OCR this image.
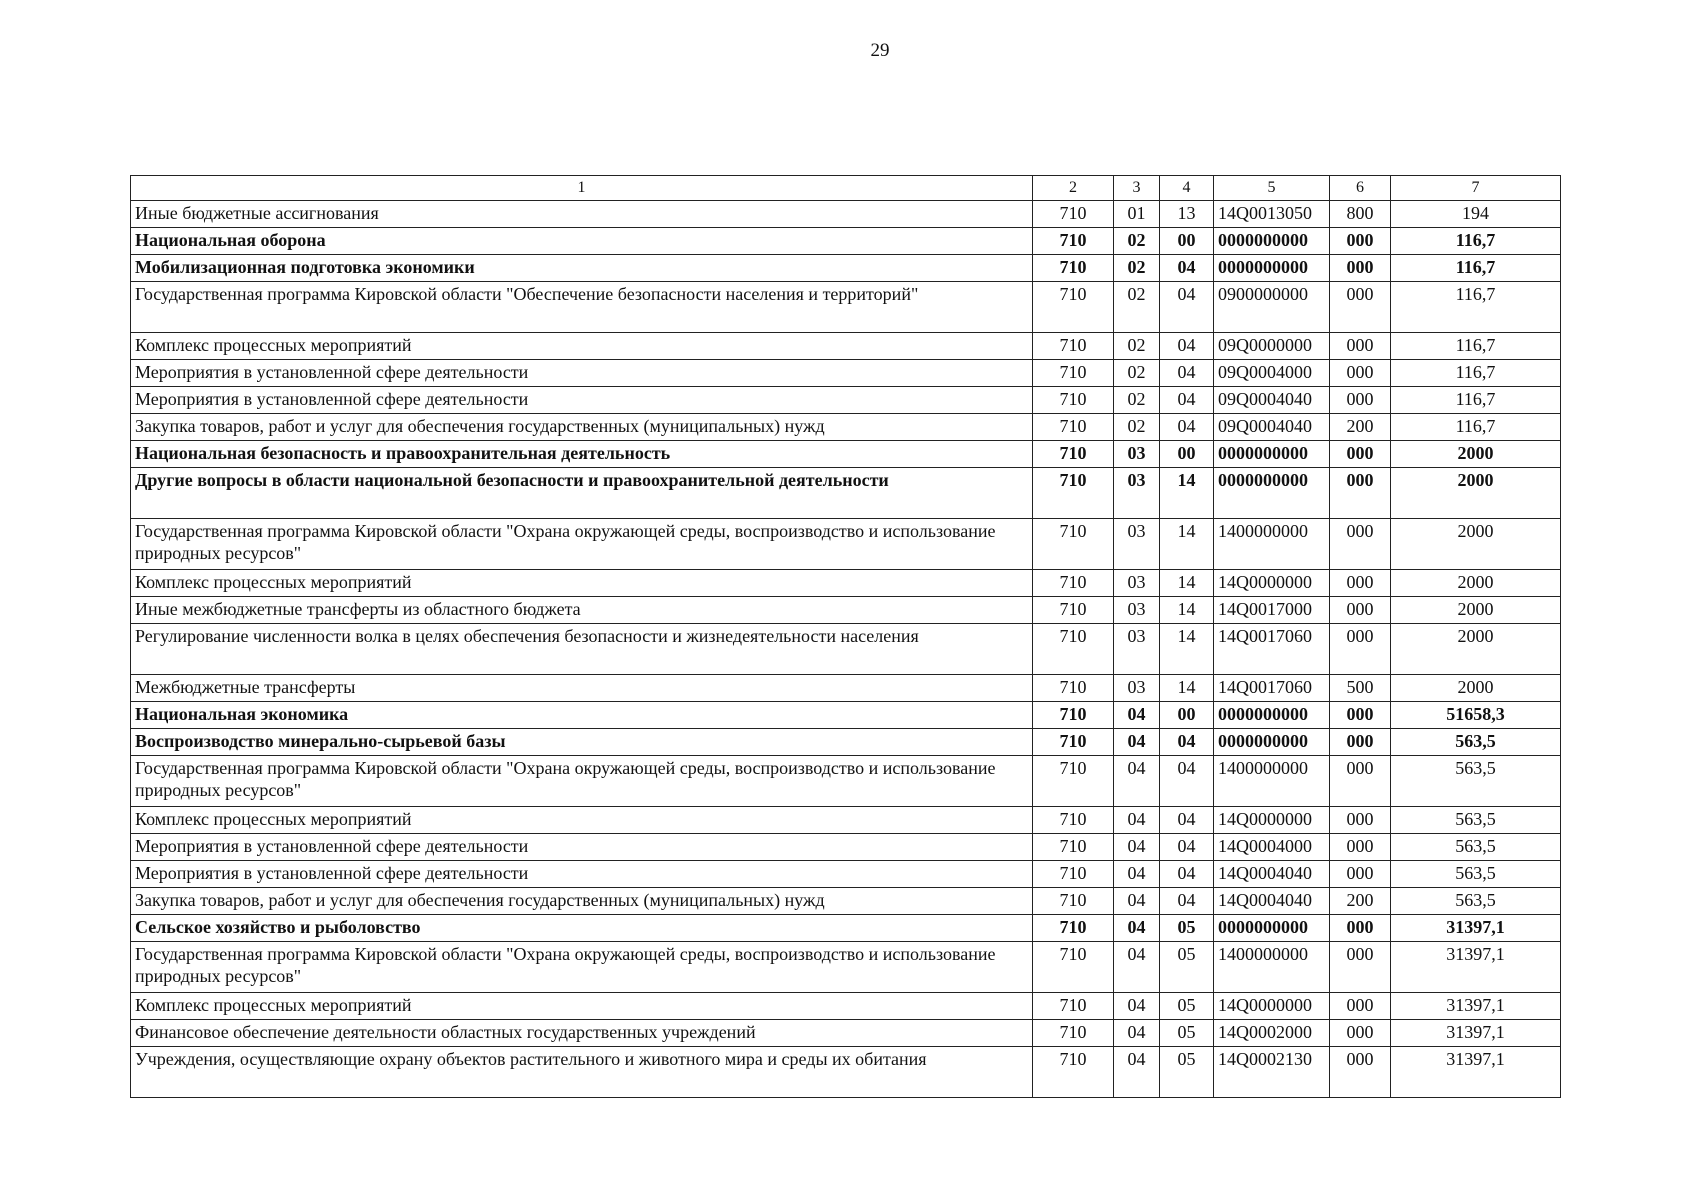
29
1	2	3	4	5	6	7
Иные бюджетные ассигнования	710	01	13	14Q0013050	800	194
Национальная оборона	710	02	00	0000000000	000	116,7
Мобилизационная подготовка экономики	710	02	04	0000000000	000	116,7
Государственная программа Кировской области "Обеспечение безопасности населения и территорий"	710	02	04	0900000000	000	116,7
Комплекс процессных мероприятий	710	02	04	09Q0000000	000	116,7
Мероприятия в установленной сфере деятельности	710	02	04	09Q0004000	000	116,7
Мероприятия в установленной сфере деятельности	710	02	04	09Q0004040	000	116,7
Закупка товаров, работ и услуг для обеспечения государственных (муниципальных) нужд	710	02	04	09Q0004040	200	116,7
Национальная безопасность и правоохранительная деятельность	710	03	00	0000000000	000	2000
Другие вопросы в области национальной безопасности и правоохранительной деятельности	710	03	14	0000000000	000	2000
Государственная программа Кировской области "Охрана окружающей среды, воспроизводство и использование природных ресурсов"	710	03	14	1400000000	000	2000
Комплекс процессных мероприятий	710	03	14	14Q0000000	000	2000
Иные межбюджетные трансферты из областного бюджета	710	03	14	14Q0017000	000	2000
Регулирование численности волка в целях обеспечения безопасности и жизнедеятельности населения	710	03	14	14Q0017060	000	2000
Межбюджетные трансферты	710	03	14	14Q0017060	500	2000
Национальная экономика	710	04	00	0000000000	000	51658,3
Воспроизводство минерально-сырьевой базы	710	04	04	0000000000	000	563,5
Государственная программа Кировской области "Охрана окружающей среды, воспроизводство и использование природных ресурсов"	710	04	04	1400000000	000	563,5
Комплекс процессных мероприятий	710	04	04	14Q0000000	000	563,5
Мероприятия в установленной сфере деятельности	710	04	04	14Q0004000	000	563,5
Мероприятия в установленной сфере деятельности	710	04	04	14Q0004040	000	563,5
Закупка товаров, работ и услуг для обеспечения государственных (муниципальных) нужд	710	04	04	14Q0004040	200	563,5
Сельское хозяйство и рыболовство	710	04	05	0000000000	000	31397,1
Государственная программа Кировской области "Охрана окружающей среды, воспроизводство и использование природных ресурсов"	710	04	05	1400000000	000	31397,1
Комплекс процессных мероприятий	710	04	05	14Q0000000	000	31397,1
Финансовое обеспечение деятельности областных государственных учреждений	710	04	05	14Q0002000	000	31397,1
Учреждения, осуществляющие охрану объектов растительного и животного мира и среды их обитания	710	04	05	14Q0002130	000	31397,1
